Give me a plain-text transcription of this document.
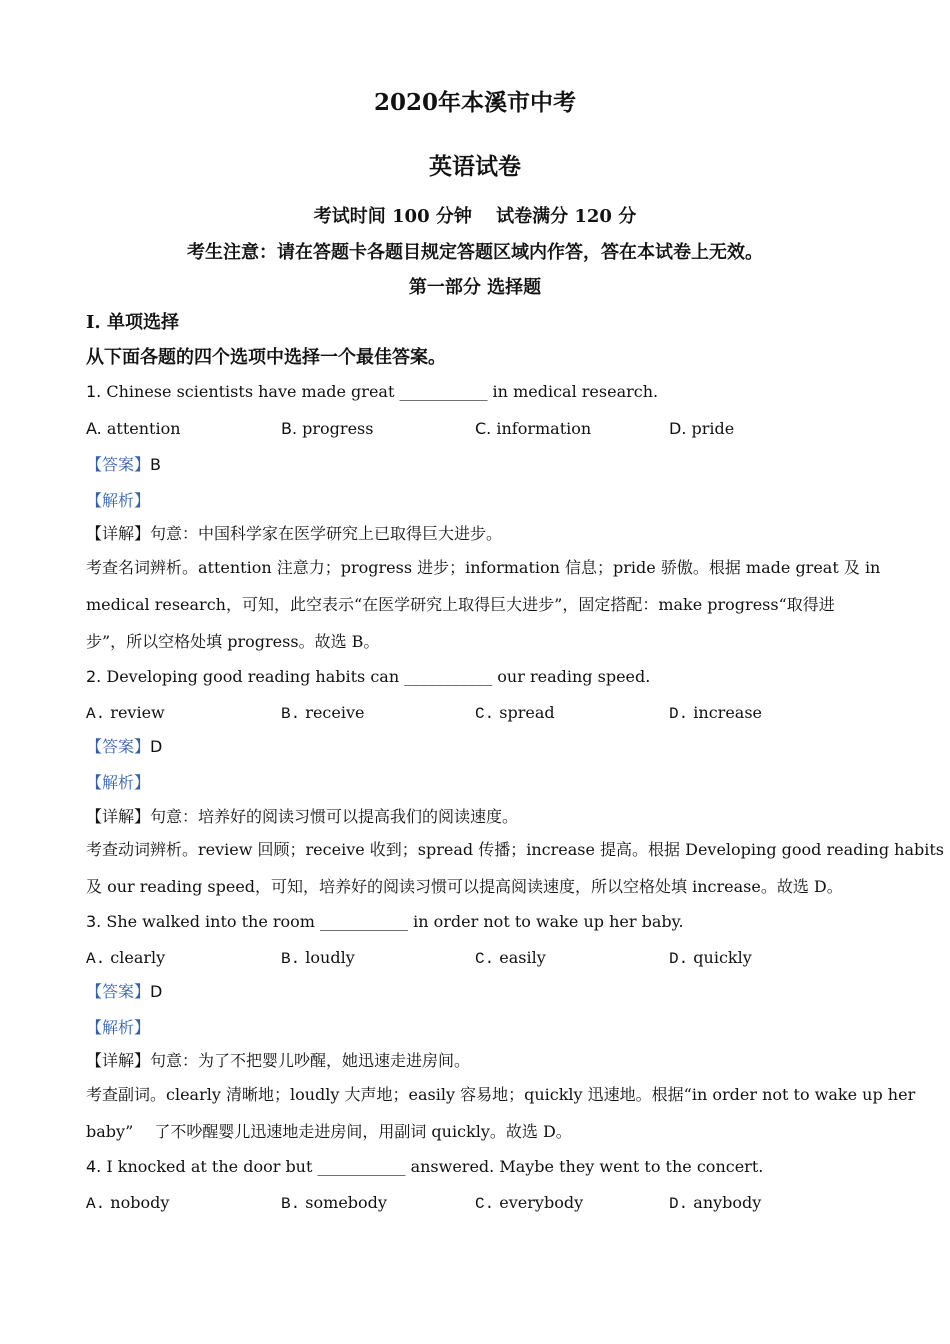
2020年本溪市中考
英语试卷
考试时间 100 分钟　 试卷满分 120 分
考生注意：请在答题卡各题目规定答题区域内作答，答在本试卷上无效。
第一部分 选择题
I. 单项选择
从下面各题的四个选项中选择一个最佳答案。
1. Chinese scientists have made great ___________ in medical research.
A. attention	B. progress	C. information	D. pride
【答案】B
【解析】
【详解】句意：中国科学家在医学研究上已取得巨大进步。
考查名词辨析。attention 注意力；progress 进步；information 信息；pride 骄傲。根据 made great 及 in
medical research，可知，此空表示“在医学研究上取得巨大进步”，固定搭配：make progress“取得进
步”，所以空格处填 progress。故选 B。
2. Developing good reading habits can ___________ our reading speed.
A. review	B. receive	C. spread	D. increase
【答案】D
【解析】
【详解】句意：培养好的阅读习惯可以提高我们的阅读速度。
考查动词辨析。review 回顾；receive 收到；spread 传播；increase 提高。根据 Developing good reading habits
及 our reading speed，可知，培养好的阅读习惯可以提高阅读速度，所以空格处填 increase。故选 D。
3. She walked into the room ___________ in order not to wake up her baby.
A. clearly	B. loudly	C. easily	D. quickly
【答案】D
【解析】
【详解】句意：为了不把婴儿吵醒，她迅速走进房间。
考查副词。clearly 清晰地；loudly 大声地；easily 容易地；quickly 迅速地。根据“in order not to wake up her
baby”　 了不吵醒婴儿迅速地走进房间，用副词 quickly。故选 D。
4. I knocked at the door but ___________ answered. Maybe they went to the concert.
A. nobody	B. somebody	C. everybody	D. anybody
